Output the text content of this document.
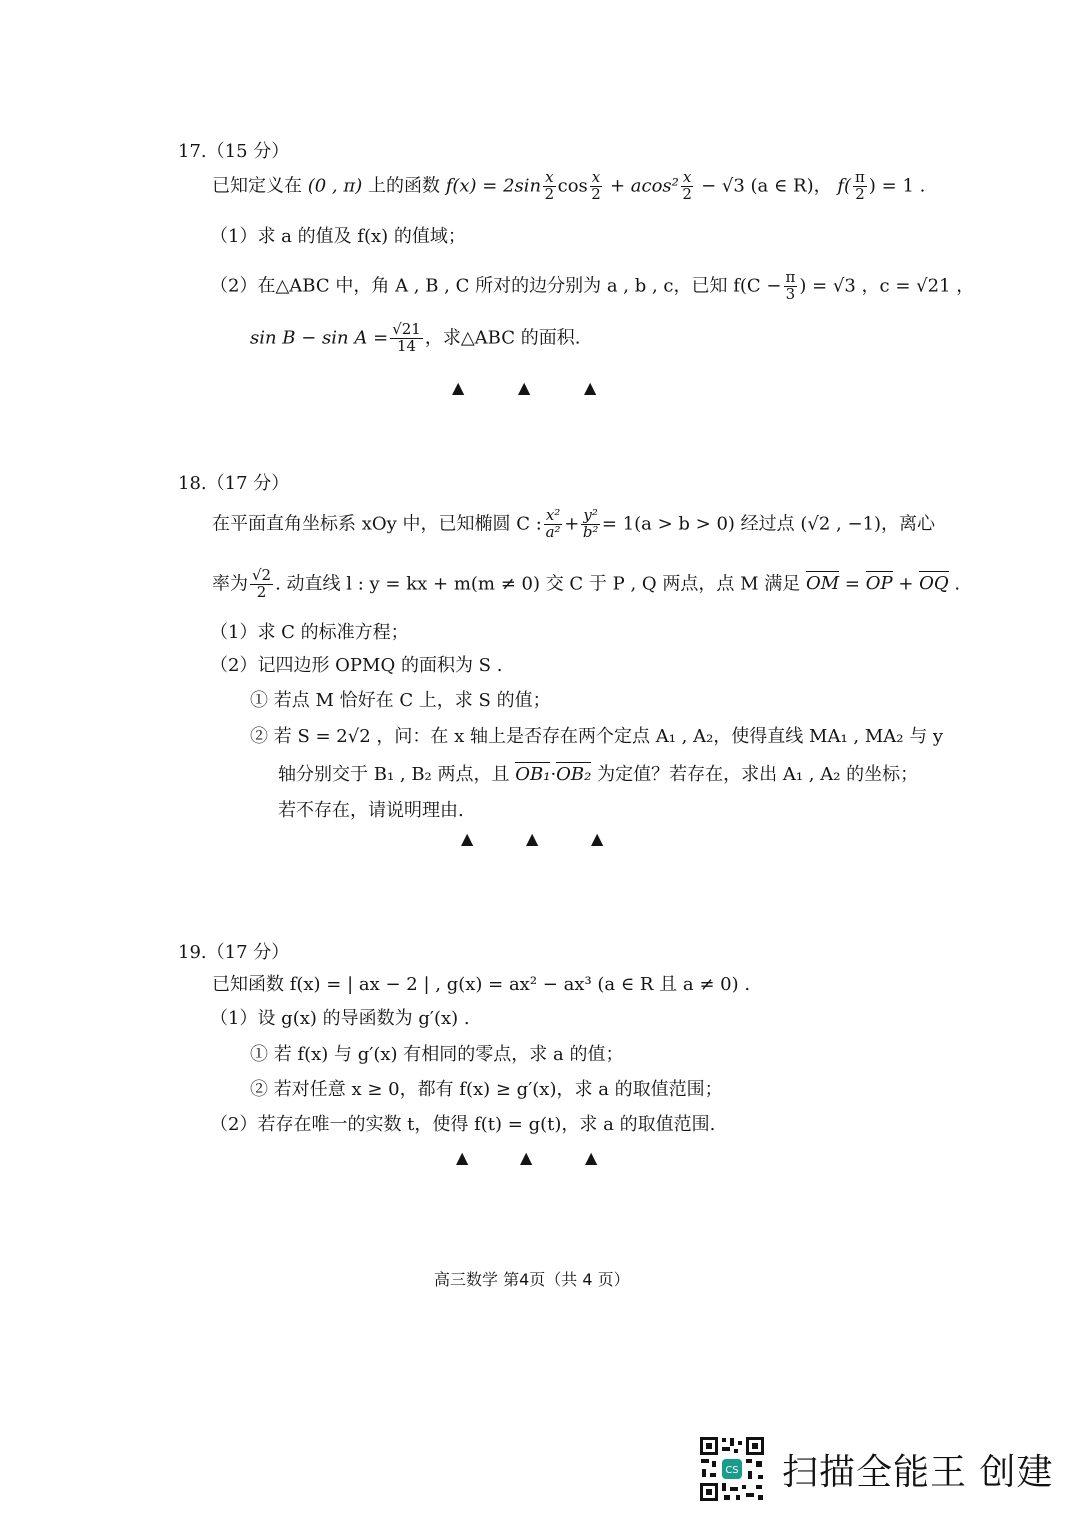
17.（15 分）
已知定义在 (0 , π) 上的函数 $f(x) = 2\sin \frac{x}{2}$ $\cos \frac{x}{2} + acos^2 \frac{x}{2} - √3$ (a ∈ R)， $f( \frac{\pi}{2}$ ) = 1 .
（1）求 a 的值及 f(x) 的值域；
（2）在△ABC 中，角 A , B , C 所对的边分别为 a , b , c，已知 $f(C - \frac{\pi}{3}$ ) = √3 ，c = √21 ，
$\sin B - \sin A = \frac{√21}{14}$ ，求△ABC 的面积.
▲	▲	▲
18.（17 分）
在平面直角坐标系 xOy 中，已知椭圆 C : $\frac{\text{x²}}{\text{a²}} + \frac{\text{y²}}{\text{b²}} = 1(a > b > 0)$ 经过点 (√2 , −1)，离心
率为 $\frac{√2}{2}$ . 动直线 l : y = kx + m(m ≠ 0) 交 C 于 P , Q 两点，点 M 满足 OM = OP + OQ .
（1）求 C 的标准方程；
（2）记四边形 OPMQ 的面积为 S .
① 若点 M 恰好在 C 上，求 S 的值；
② 若 S = 2√2 ，问：在 x 轴上是否存在两个定点 A₁ , A₂，使得直线 MA₁ , MA₂ 与 y
轴分别交于 B₁ , B₂ 两点，且 OB₁·OB₂ 为定值？若存在，求出 A₁ , A₂ 的坐标；
若不存在，请说明理由.
▲	▲	▲
19.（17 分）
已知函数 f(x) = | ax − 2 | , g(x) = ax² − ax³ (a ∈ R 且 a ≠ 0) .
（1）设 g(x) 的导函数为 g′(x) .
① 若 f(x) 与 g′(x) 有相同的零点，求 a 的值；
② 若对任意 x ≥ 0，都有 f(x) ≥ g′(x)，求 a 的取值范围；
（2）若存在唯一的实数 t，使得 f(t) = g(t)，求 a 的取值范围.
▲	▲	▲
高三数学 第4页（共 4 页）
CS 扫描全能王 创建
